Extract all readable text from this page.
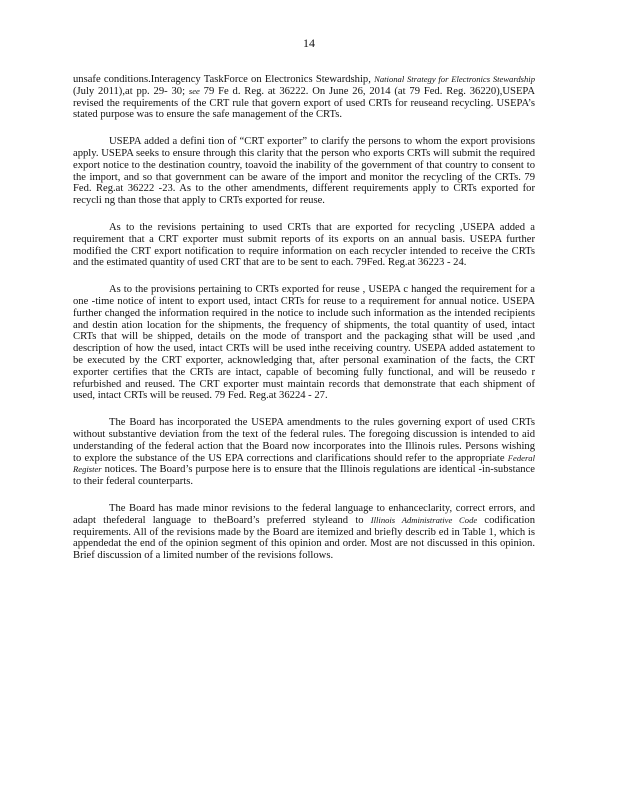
14

unsafe conditions.Interagency TaskForce on Electronics Stewardship, National Strategy for Electronics Stewardship (July 2011),at pp. 29- 30; see 79 Fe d. Reg. at 36222. On June 26, 2014 (at 79 Fed. Reg. 36220),USEPA revised the requirements of the CRT rule that govern export of used CRTs for reuseand recycling. USEPA’s stated purpose was to ensure the safe management of the CRTs.

USEPA added a defini tion of “CRT exporter” to clarify the persons to whom the export provisions apply. USEPA seeks to ensure through this clarity that the person who exports CRTs will submit the required export notice to the destination country, toavoid the inability of the government of that country to consent to the import, and so that government can be aware of the import and monitor the recycling of the CRTs. 79 Fed. Reg.at 36222 -23. As to the other amendments, different requirements apply to CRTs exported for recycli ng than those that apply to CRTs exported for reuse.

As to the revisions pertaining to used CRTs that are exported for recycling ,USEPA added a requirement that a CRT exporter must submit reports of its exports on an annual basis. USEPA further modified the CRT export notification to require information on each recycler intended to receive the CRTs and the estimated quantity of used CRT that are to be sent to each. 79Fed. Reg.at 36223 - 24.

As to the provisions pertaining to CRTs exported for reuse , USEPA c hanged the requirement for a one -time notice of intent to export used, intact CRTs for reuse to a requirement for annual notice. USEPA further changed the information required in the notice to include such information as the intended recipients and destin ation location for the shipments, the frequency of shipments, the total quantity of used, intact CRTs that will be shipped, details on the mode of transport and the packaging sthat will be used ,and description of how the used, intact CRTs will be used inthe receiving country. USEPA added astatement to be executed by the CRT exporter, acknowledging that, after personal examination of the facts, the CRT exporter certifies that the CRTs are intact, capable of becoming fully functional, and will be reusedo r refurbished and reused. The CRT exporter must maintain records that demonstrate that each shipment of used, intact CRTs will be reused. 79 Fed. Reg.at 36224 - 27.

The Board has incorporated the USEPA amendments to the rules governing export of used CRTs without substantive deviation from the text of the federal rules. The foregoing discussion is intended to aid understanding of the federal action that the Board now incorporates into the Illinois rules. Persons wishing to explore the substance of the US EPA corrections and clarifications should refer to the appropriate Federal Register notices. The Board’s purpose here is to ensure that the Illinois regulations are identical -in-substance to their federal counterparts.

The Board has made minor revisions to the federal language to enhanceclarity, correct errors, and adapt thefederal language to theBoard’s preferred styleand to Illinois Administrative Code codification requirements. All of the revisions made by the Board are itemized and briefly describ ed in Table 1, which is appendedat the end of the opinion segment of this opinion and order. Most are not discussed in this opinion. Brief discussion of a limited number of the revisions follows.
